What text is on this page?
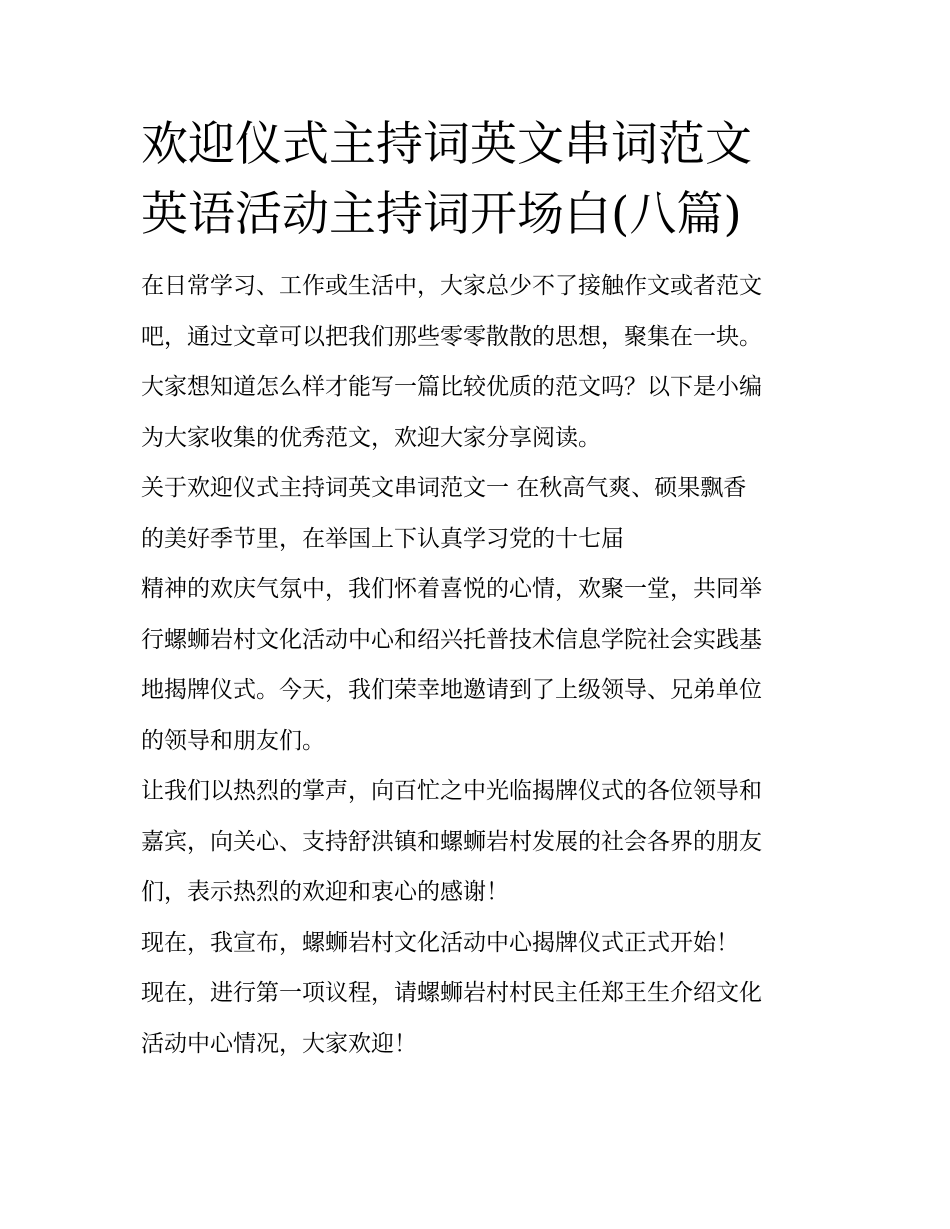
欢迎仪式主持词英文串词范文
英语活动主持词开场白(八篇)

在日常学习、工作或生活中，大家总少不了接触作文或者范文
吧，通过文章可以把我们那些零零散散的思想，聚集在一块。
大家想知道怎么样才能写一篇比较优质的范文吗？以下是小编
为大家收集的优秀范文，欢迎大家分享阅读。

关于欢迎仪式主持词英文串词范文一 在秋高气爽、硕果飘香
的美好季节里，在举国上下认真学习党的十七届

精神的欢庆气氛中，我们怀着喜悦的心情，欢聚一堂，共同举
行螺蛳岩村文化活动中心和绍兴托普技术信息学院社会实践基
地揭牌仪式。今天，我们荣幸地邀请到了上级领导、兄弟单位
的领导和朋友们。

让我们以热烈的掌声，向百忙之中光临揭牌仪式的各位领导和
嘉宾，向关心、支持舒洪镇和螺蛳岩村发展的社会各界的朋友
们，表示热烈的欢迎和衷心的感谢！

现在，我宣布，螺蛳岩村文化活动中心揭牌仪式正式开始！

现在，进行第一项议程，请螺蛳岩村村民主任郑王生介绍文化
活动中心情况，大家欢迎！
